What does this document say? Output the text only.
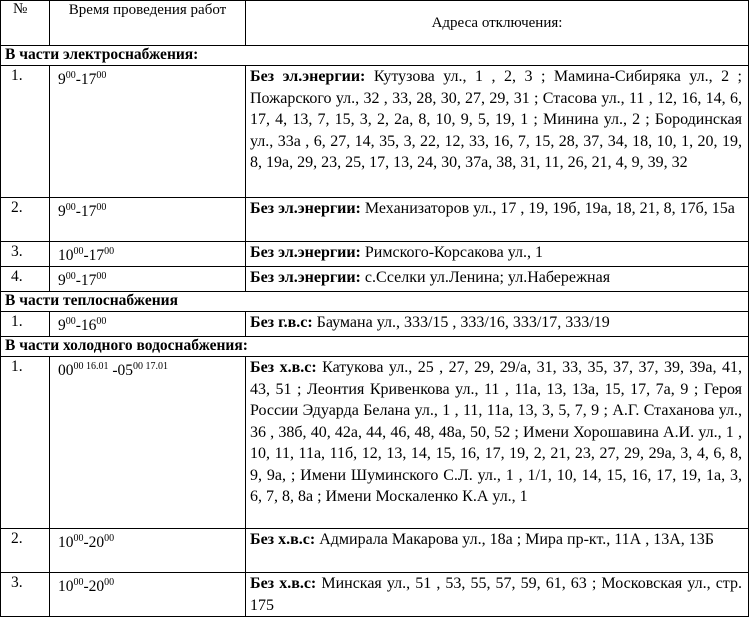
№	Время проведения работ	Адреса отключения:
В части электроснабжения:		
1.	$9^{00}-17^{00}$	Без эл.энергии: Кутузова ул., 1 , 2, 3 ; Мамина-Сибиряка ул., 2 ; Пожарского ул., 32 , 33, 28, 30, 27, 29, 31 ; Стасова ул., 11 , 12, 16, 14, 6, 17, 4, 13, 7, 15, 3, 2, 2а, 8, 10, 9, 5, 19, 1 ; Минина ул., 2 ; Бородинская ул., 33а , 6, 27, 14, 35, 3, 22, 12, 33, 16, 7, 15, 28, 37, 34, 18, 10, 1, 20, 19, 8, 19а, 29, 23, 25, 17, 13, 24, 30, 37а, 38, 31, 11, 26, 21, 4, 9, 39, 32
2.	$9^{00}-17^{00}$	Без эл.энергии: Механизаторов ул., 17 , 19, 19б, 19а, 18, 21, 8, 17б, 15а
3.	$10^{00}-17^{00}$	Без эл.энергии: Римского-Корсакова ул., 1
4.	$9^{00}-17^{00}$	Без эл.энергии: с.Сселки ул.Ленина; ул.Набережная
В части теплоснабжения		
1.	$9^{00}-16^{00}$	Без г.в.с: Баумана ул., 333/15 , 333/16, 333/17, 333/19
В части холодного водоснабжения:		
1.	$00^{00 16.01}$ $-05^{00 17.01}$	Без х.в.с: Катукова ул., 25 , 27, 29, 29/а, 31, 33, 35, 37, 37, 39, 39а, 41, 43, 51 ; Леонтия Кривенкова ул., 11 , 11а, 13, 13а, 15, 17, 7а, 9 ; Героя России Эдуарда Белана ул., 1 , 11, 11а, 13, 3, 5, 7, 9 ; А.Г. Стаханова ул., 36 , 38б, 40, 42а, 44, 46, 48, 48а, 50, 52 ; Имени Хорошавина А.И. ул., 1 , 10, 11, 11а, 11б, 12, 13, 14, 15, 16, 17, 19, 2, 21, 23, 27, 29, 29а, 3, 4, 6, 8, 9, 9а, ; Имени Шуминского С.Л. ул., 1 , 1/1, 10, 14, 15, 16, 17, 19, 1а, 3, 6, 7, 8, 8а ; Имени Москаленко К.А ул., 1
2.	$10^{00}-20^{00}$	Без х.в.с: Адмирала Макарова ул., 18а ; Мира пр-кт., 11А , 13А, 13Б
3.	$10^{00}-20^{00}$	Без х.в.с: Минская ул., 51 , 53, 55, 57, 59, 61, 63 ; Московская ул., стр. 175
